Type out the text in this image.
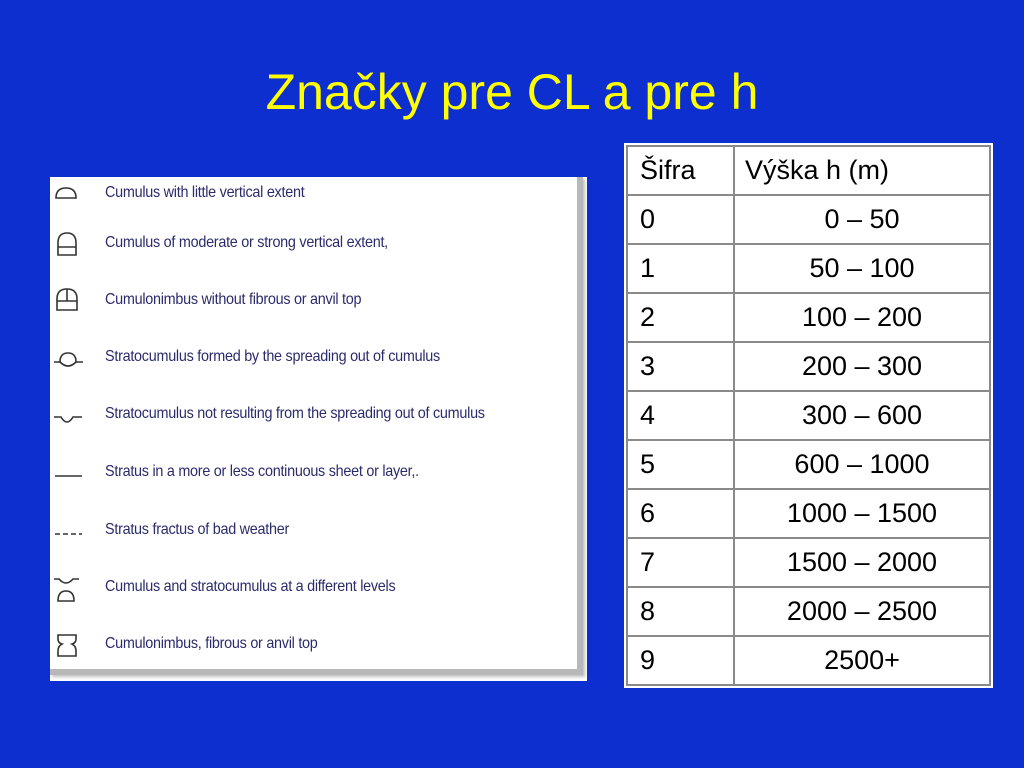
Značky pre CL a pre h
Cumulus with little vertical extent
Cumulus of moderate or strong vertical extent,
Cumulonimbus without fibrous or anvil top
Stratocumulus formed by the spreading out of cumulus
Stratocumulus not resulting from the spreading out of cumulus
Stratus in a more or less continuous sheet or layer,.
Stratus fractus of bad weather
Cumulus and stratocumulus at a different levels
Cumulonimbus, fibrous or anvil top
Šifra	Výška h (m)
0	0 – 50
1	50 – 100
2	100 – 200
3	200 – 300
4	300 – 600
5	600 – 1000
6	1000 – 1500
7	1500 – 2000
8	2000 – 2500
9	2500+
